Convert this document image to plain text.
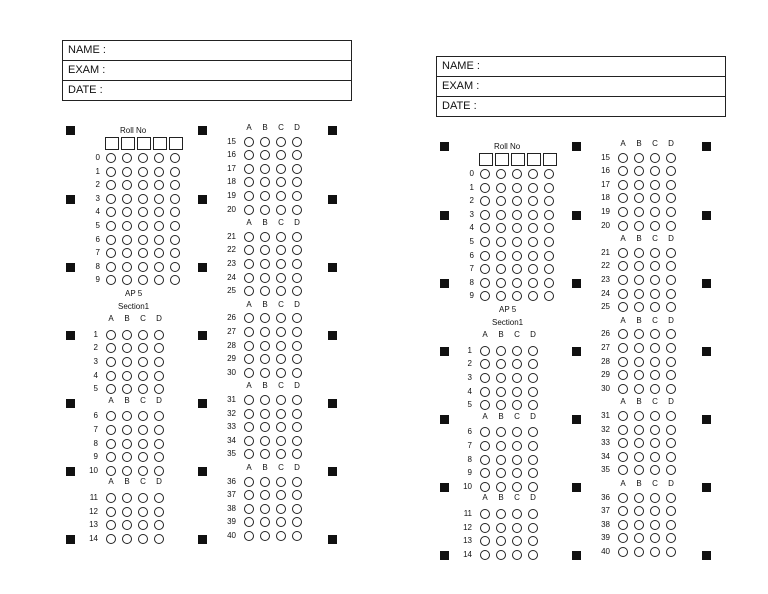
NAME :
EXAM :
DATE :
Roll No
0
1
2
3
4
5
6
7
8
9
AP 5
Section1
A B C D
1
2
3
4
5
A B C D
6
7
8
9
10
A B C D
11
12
13
14
A B C D
15
16
17
18
19
20
A B C D
21
22
23
24
25
A B C D
26
27
28
29
30
A B C D
31
32
33
34
35
A B C D
36
37
38
39
40
NAME :
EXAM :
DATE :
Roll No
0
1
2
3
4
5
6
7
8
9
AP 5
Section1
A B C D
1
2
3
4
5
A B C D
6
7
8
9
10
A B C D
11
12
13
14
A B C D
15
16
17
18
19
20
A B C D
21
22
23
24
25
A B C D
26
27
28
29
30
A B C D
31
32
33
34
35
A B C D
36
37
38
39
40
